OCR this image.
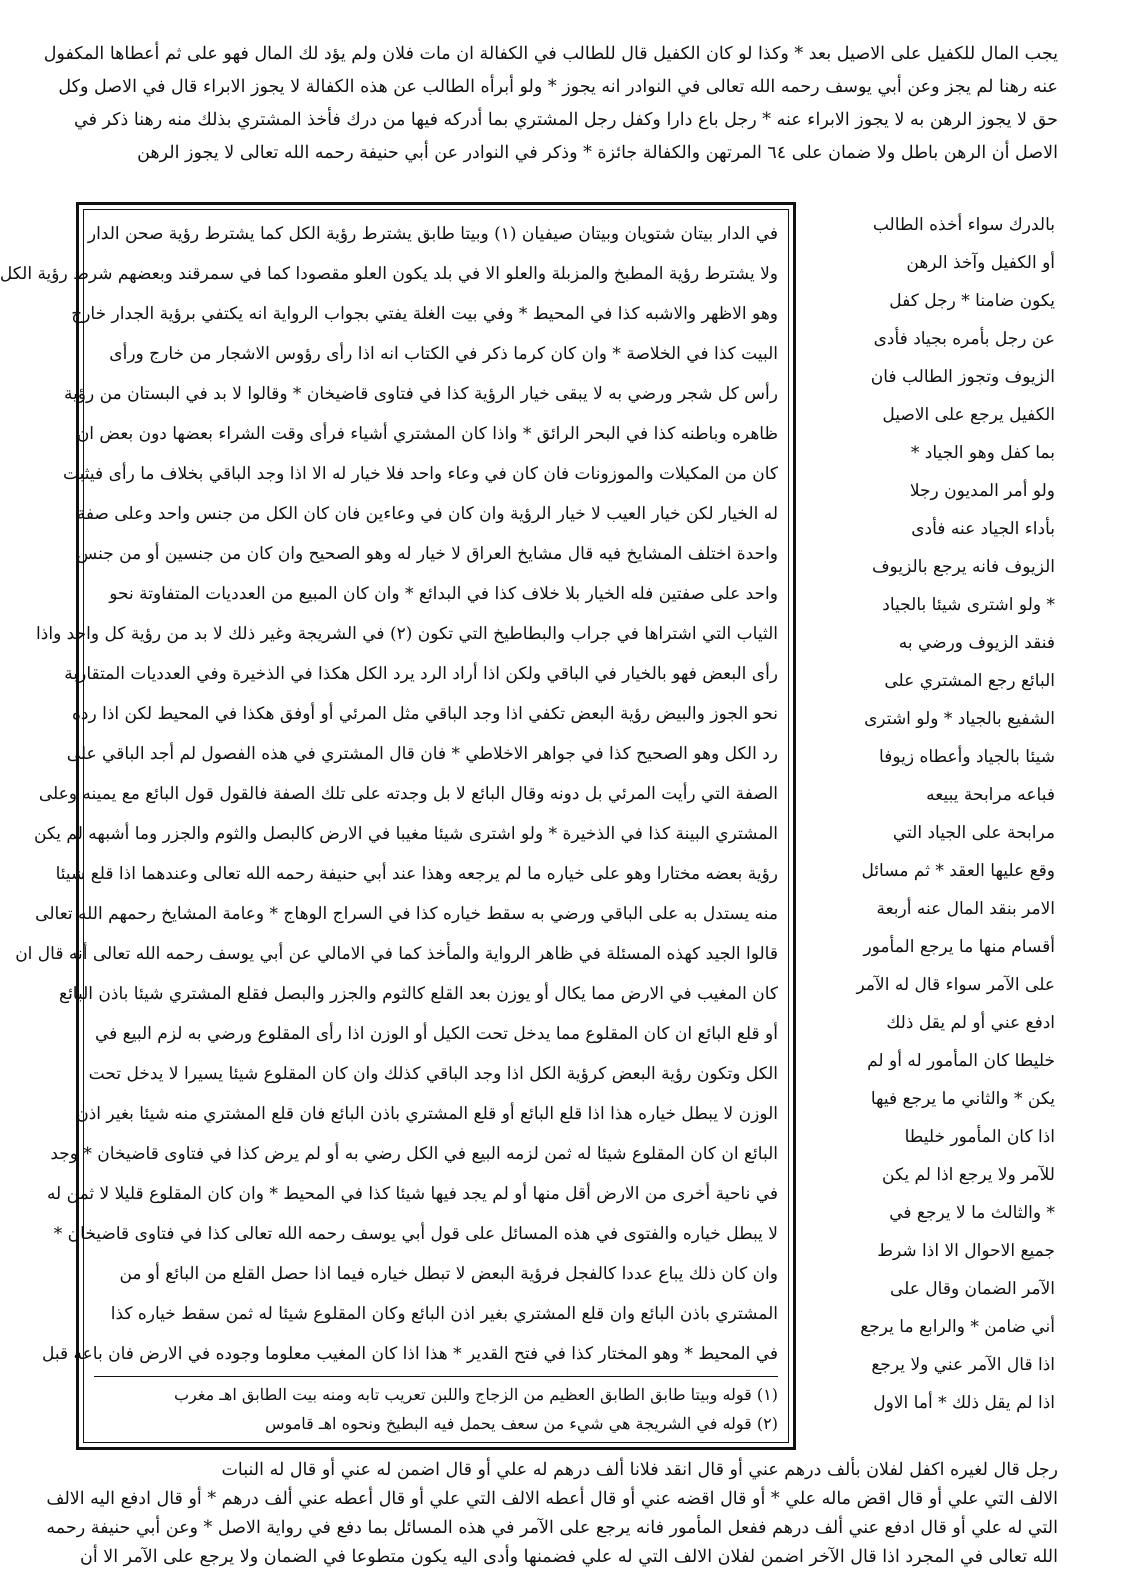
يجب المال للكفيل على الاصيل بعد * وكذا لو كان الكفيل قال للطالب في الكفالة ان مات فلان ولم يؤد لك المال فهو على ثم أعطاها المكفول
عنه رهنا لم يجز وعن أبي يوسف رحمه الله تعالى في النوادر انه يجوز * ولو أبرأه الطالب عن هذه الكفالة لا يجوز الابراء قال في الاصل وكل
حق لا يجوز الرهن به لا يجوز الابراء عنه * رجل باع دارا وكفل رجل المشتري بما أدركه فيها من درك فأخذ المشتري بذلك منه رهنا ذكر في
الاصل أن الرهن باطل ولا ضمان على ٦٤ المرتهن والكفالة جائزة * وذكر في النوادر عن أبي حنيفة رحمه الله تعالى لا يجوز الرهن
بالدرك سواء أخذه الطالب
أو الكفيل وآخذ الرهن
يكون ضامنا * رجل كفل
عن رجل بأمره بجياد فأدى
الزيوف وتجوز الطالب فان
الكفيل يرجع على الاصيل
بما كفل وهو الجياد *
ولو أمر المديون رجلا
بأداء الجياد عنه فأدى
الزيوف فانه يرجع بالزيوف
* ولو اشترى شيئا بالجياد
فنقد الزيوف ورضي به
البائع رجع المشتري على
الشفيع بالجياد * ولو اشترى
شيئا بالجياد وأعطاه زيوفا
فباعه مرابحة يبيعه
مرابحة على الجياد التي
وقع عليها العقد * ثم مسائل
الامر بنقد المال عنه أربعة
أقسام منها ما يرجع المأمور
على الآمر سواء قال له الآمر
ادفع عني أو لم يقل ذلك
خليطا كان المأمور له أو لم
يكن * والثاني ما يرجع فيها
اذا كان المأمور خليطا
للآمر ولا يرجع اذا لم يكن
* والثالث ما لا يرجع في
جميع الاحوال الا اذا شرط
الآمر الضمان وقال على
أني ضامن * والرابع ما يرجع
اذا قال الآمر عني ولا يرجع
اذا لم يقل ذلك * أما الاول
في الدار بيتان شتويان وبيتان صيفيان (١) وبيتا طابق يشترط رؤية الكل كما يشترط رؤية صحن الدار
ولا يشترط رؤية المطبخ والمزبلة والعلو الا في بلد يكون العلو مقصودا كما في سمرقند وبعضهم شرط رؤية الكل
وهو الاظهر والاشبه كذا في المحيط * وفي بيت الغلة يفتي بجواب الرواية انه يكتفي برؤية الجدار خارج
البيت كذا في الخلاصة * وان كان كرما ذكر في الكتاب انه اذا رأى رؤوس الاشجار من خارج ورأى
رأس كل شجر ورضي به لا يبقى خيار الرؤية كذا في فتاوى قاضيخان * وقالوا لا بد في البستان من رؤية
ظاهره وباطنه كذا في البحر الرائق * واذا كان المشتري أشياء فرأى وقت الشراء بعضها دون بعض ان
كان من المكيلات والموزونات فان كان في وعاء واحد فلا خيار له الا اذا وجد الباقي بخلاف ما رأى فيثبت
له الخيار لكن خيار العيب لا خيار الرؤية وان كان في وعاءين فان كان الكل من جنس واحد وعلى صفة
واحدة اختلف المشايخ فيه قال مشايخ العراق لا خيار له وهو الصحيح وان كان من جنسين أو من جنس
واحد على صفتين فله الخيار بلا خلاف كذا في البدائع * وان كان المبيع من العدديات المتفاوتة نحو
الثياب التي اشتراها في جراب والبطاطيخ التي تكون (٢) في الشريجة وغير ذلك لا بد من رؤية كل واحد واذا
رأى البعض فهو بالخيار في الباقي ولكن اذا أراد الرد يرد الكل هكذا في الذخيرة وفي العدديات المتقاربة
نحو الجوز والبيض رؤية البعض تكفي اذا وجد الباقي مثل المرئي أو أوفق هكذا في المحيط لكن اذا رده
رد الكل وهو الصحيح كذا في جواهر الاخلاطي * فان قال المشتري في هذه الفصول لم أجد الباقي على
الصفة التي رأيت المرئي بل دونه وقال البائع لا بل وجدته على تلك الصفة فالقول قول البائع مع يمينه وعلى
المشتري البينة كذا في الذخيرة * ولو اشترى شيئا مغيبا في الارض كالبصل والثوم والجزر وما أشبهه لم يكن
رؤية بعضه مختارا وهو على خياره ما لم يرجعه وهذا عند أبي حنيفة رحمه الله تعالى وعندهما اذا قلع شيئا
منه يستدل به على الباقي ورضي به سقط خياره كذا في السراج الوهاج * وعامة المشايخ رحمهم الله تعالى
قالوا الجيد كهذه المسئلة في ظاهر الرواية والمأخذ كما في الامالي عن أبي يوسف رحمه الله تعالى أنه قال ان
كان المغيب في الارض مما يكال أو يوزن بعد القلع كالثوم والجزر والبصل فقلع المشتري شيئا باذن البائع
أو قلع البائع ان كان المقلوع مما يدخل تحت الكيل أو الوزن اذا رأى المقلوع ورضي به لزم البيع في
الكل وتكون رؤية البعض كرؤية الكل اذا وجد الباقي كذلك وان كان المقلوع شيئا يسيرا لا يدخل تحت
الوزن لا يبطل خياره هذا اذا قلع البائع أو قلع المشتري باذن البائع فان قلع المشتري منه شيئا بغير اذن
البائع ان كان المقلوع شيئا له ثمن لزمه البيع في الكل رضي به أو لم يرض كذا في فتاوى قاضيخان * وجد
في ناحية أخرى من الارض أقل منها أو لم يجد فيها شيئا كذا في المحيط * وان كان المقلوع قليلا لا ثمن له
لا يبطل خياره والفتوى في هذه المسائل على قول أبي يوسف رحمه الله تعالى كذا في فتاوى قاضيخان *
وان كان ذلك يباع عددا كالفجل فرؤية البعض لا تبطل خياره فيما اذا حصل القلع من البائع أو من
المشتري باذن البائع وان قلع المشتري بغير اذن البائع وكان المقلوع شيئا له ثمن سقط خياره كذا
في المحيط * وهو المختار كذا في فتح القدير * هذا اذا كان المغيب معلوما وجوده في الارض فان باعه قبل
(١) قوله وبيتا طابق الطابق العظيم من الزجاج واللبن تعريب تابه ومنه بيت الطابق اهـ مغرب
(٢) قوله في الشريجة هي شيء من سعف يحمل فيه البطيخ ونحوه اهـ قاموس
رجل قال لغيره اكفل لفلان بألف درهم عني أو قال انقد فلانا ألف درهم له علي أو قال اضمن له عني أو قال له النبات
الالف التي علي أو قال اقض ماله علي * أو قال اقضه عني أو قال أعطه الالف التي علي أو قال أعطه عني ألف درهم * أو قال ادفع اليه الالف
التي له علي أو قال ادفع عني ألف درهم ففعل المأمور فانه يرجع على الآمر في هذه المسائل بما دفع في رواية الاصل * وعن أبي حنيفة رحمه
الله تعالى في المجرد اذا قال الآخر اضمن لفلان الالف التي له علي فضمنها وأدى اليه يكون متطوعا في الضمان ولا يرجع على الآمر الا أن
